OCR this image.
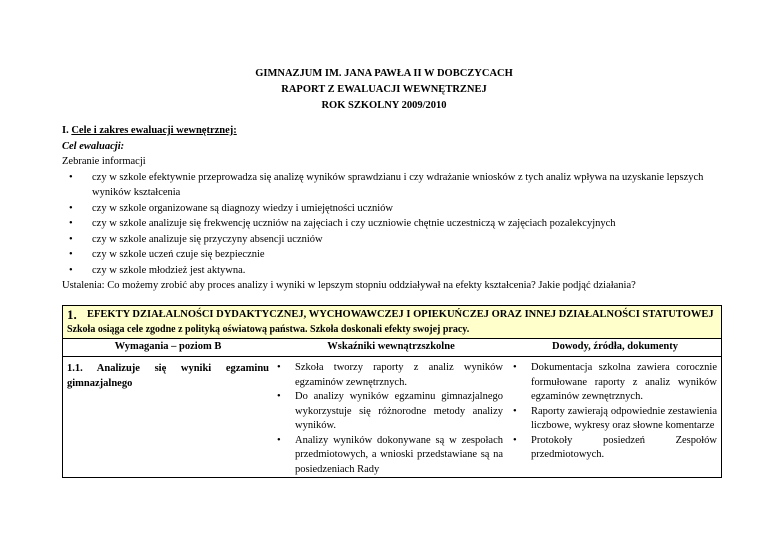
GIMNAZJUM IM. JANA PAWŁA II W DOBCZYCACH
RAPORT Z EWALUACJI WEWNĘTRZNEJ
ROK SZKOLNY 2009/2010
I. Cele i zakres ewaluacji wewnętrznej:
Cel ewaluacji:
Zebranie informacji
• czy w szkole efektywnie przeprowadza się analizę wyników sprawdzianu i czy wdrażanie wniosków z tych analiz wpływa na uzyskanie lepszych wyników kształcenia
• czy w szkole organizowane są diagnozy wiedzy i umiejętności uczniów
• czy w szkole analizuje się frekwencję uczniów na zajęciach i czy uczniowie chętnie uczestniczą w zajęciach pozalekcyjnych
• czy w szkole analizuje się przyczyny absencji uczniów
• czy w szkole uczeń czuje się bezpiecznie
• czy w szkole młodzież jest aktywna.
Ustalenia: Co możemy zrobić aby proces analizy i wyniki w lepszym stopniu oddziaływał na efekty kształcenia? Jakie podjąć działania?
1. EFEKTY DZIAŁALNOŚCI DYDAKTYCZNEJ, WYCHOWAWCZEJ I OPIEKUŃCZEJ ORAZ INNEJ DZIAŁALNOŚCI STATUTOWEJ
Szkoła osiąga cele zgodne z polityką oświatową państwa. Szkoła doskonali efekty swojej pracy.
Wymagania – poziom B	Wskaźniki wewnątrzszkolne	Dowody, źródła, dokumenty
1.1. Analizuje się wyniki egzaminu gimnazjalnego
• Szkoła tworzy raporty z analiz wyników egzaminów zewnętrznych.
• Do analizy wyników egzaminu gimnazjalnego wykorzystuje się różnorodne metody analizy wyników.
• Analizy wyników dokonywane są w zespołach przedmiotowych, a wnioski przedstawiane są na posiedzeniach Rady
• Dokumentacja szkolna zawiera corocznie formułowane raporty z analiz wyników egzaminów zewnętrznych.
• Raporty zawierają odpowiednie zestawienia liczbowe, wykresy oraz słowne komentarze
• Protokoły posiedzeń Zespołów przedmiotowych.
